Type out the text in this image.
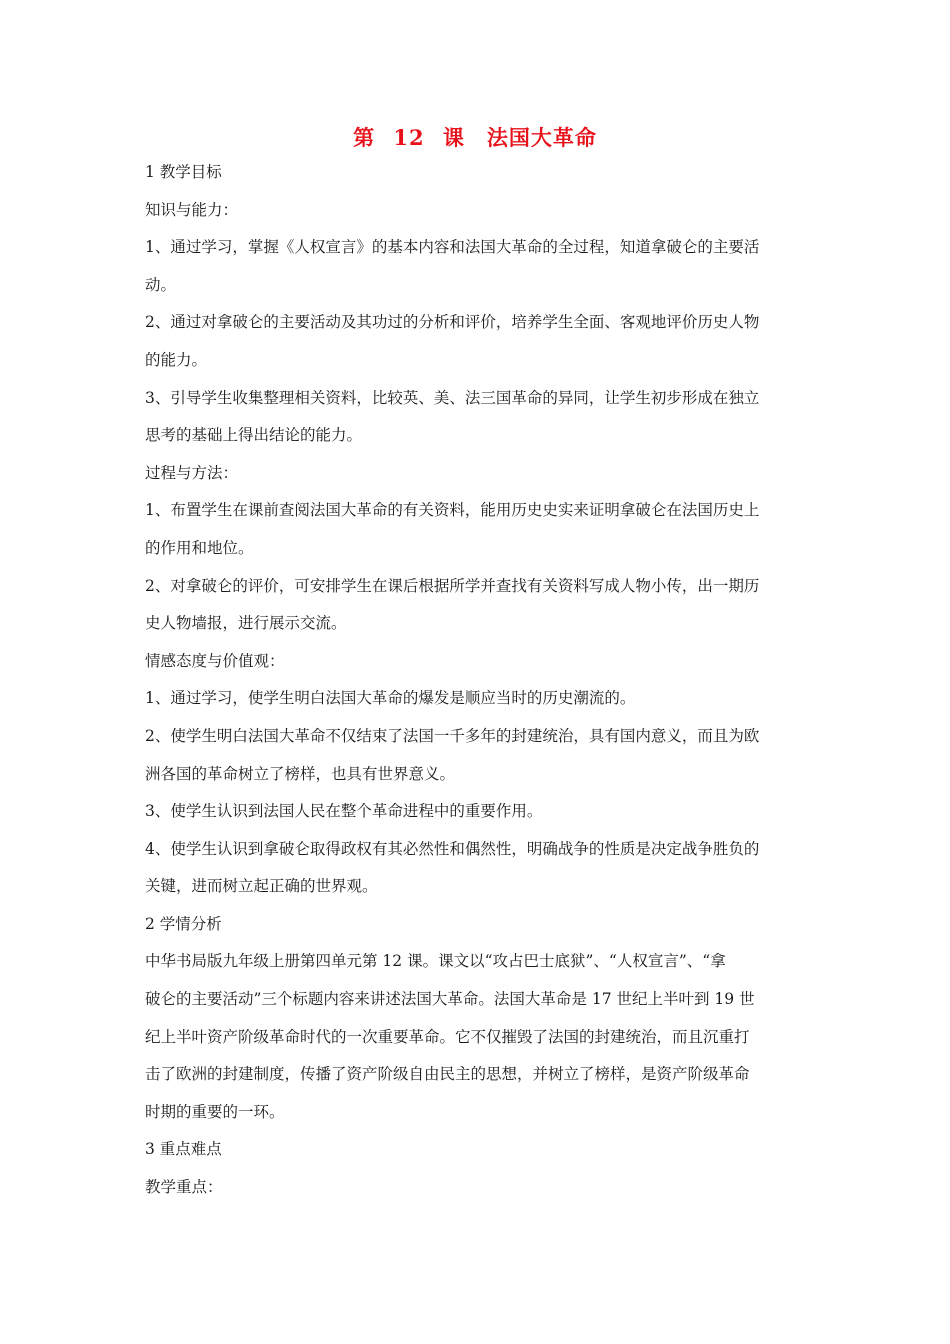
第 12 课　法国大革命
1 教学目标
知识与能力：
1、通过学习，掌握《人权宣言》的基本内容和法国大革命的全过程，知道拿破仑的主要活
动。
2、通过对拿破仑的主要活动及其功过的分析和评价，培养学生全面、客观地评价历史人物
的能力。
3、引导学生收集整理相关资料，比较英、美、法三国革命的异同，让学生初步形成在独立
思考的基础上得出结论的能力。
过程与方法：
1、布置学生在课前查阅法国大革命的有关资料，能用历史史实来证明拿破仑在法国历史上
的作用和地位。
2、对拿破仑的评价，可安排学生在课后根据所学并查找有关资料写成人物小传，出一期历
史人物墙报，进行展示交流。
情感态度与价值观：
1、通过学习，使学生明白法国大革命的爆发是顺应当时的历史潮流的。
2、使学生明白法国大革命不仅结束了法国一千多年的封建统治，具有国内意义，而且为欧
洲各国的革命树立了榜样，也具有世界意义。
3、使学生认识到法国人民在整个革命进程中的重要作用。
4、使学生认识到拿破仑取得政权有其必然性和偶然性，明确战争的性质是决定战争胜负的
关键，进而树立起正确的世界观。
2 学情分析
中华书局版九年级上册第四单元第 12 课。课文以“攻占巴士底狱”、“人权宣言”、“拿
破仑的主要活动”三个标题内容来讲述法国大革命。法国大革命是 17 世纪上半叶到 19 世
纪上半叶资产阶级革命时代的一次重要革命。它不仅摧毁了法国的封建统治，而且沉重打
击了欧洲的封建制度，传播了资产阶级自由民主的思想，并树立了榜样，是资产阶级革命
时期的重要的一环。
3 重点难点
教学重点：
